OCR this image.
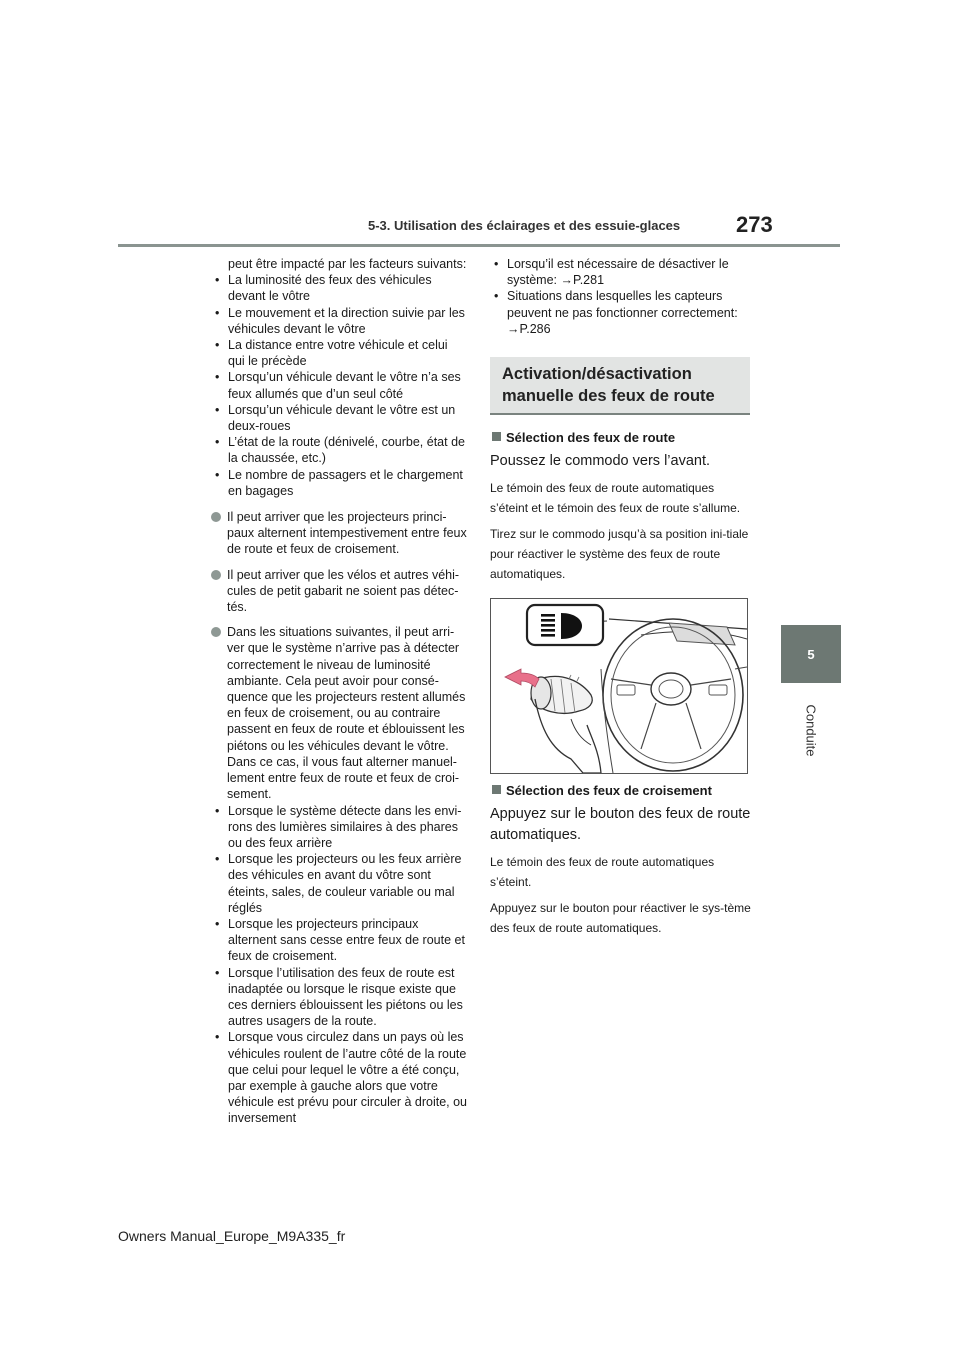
5-3. Utilisation des éclairages et des essuie-glaces	273
5
Conduite

peut être impacté par les facteurs suivants:

• La luminosité des feux des véhicules devant le vôtre
• Le mouvement et la direction suivie par les véhicules devant le vôtre
• La distance entre votre véhicule et celui qui le précède
• Lorsqu’un véhicule devant le vôtre n’a ses feux allumés que d’un seul côté
• Lorsqu’un véhicule devant le vôtre est un deux-roues
• L’état de la route (dénivelé, courbe, état de la chaussée, etc.)
• Le nombre de passagers et le chargement en bagages
Il peut arriver que les projecteurs princi-paux alternent intempestivement entre feux de route et feux de croisement.
Il peut arriver que les vélos et autres véhi-cules de petit gabarit ne soient pas détec-tés.
Dans les situations suivantes, il peut arri-ver que le système n’arrive pas à détecter correctement le niveau de luminosité ambiante. Cela peut avoir pour consé-quence que les projecteurs restent allumés en feux de croisement, ou au contraire passent en feux de route et éblouissent les piétons ou les véhicules devant le vôtre. Dans ce cas, il vous faut alterner manuel-lement entre feux de route et feux de croi-sement.
• Lorsque le système détecte dans les envi-rons des lumières similaires à des phares ou des feux arrière
• Lorsque les projecteurs ou les feux arrière des véhicules en avant du vôtre sont éteints, sales, de couleur variable ou mal réglés
• Lorsque les projecteurs principaux alternent sans cesse entre feux de route et feux de croisement.
• Lorsque l’utilisation des feux de route est inadaptée ou lorsque le risque existe que ces derniers éblouissent les piétons ou les autres usagers de la route.
• Lorsque vous circulez dans un pays où les véhicules roulent de l’autre côté de la route que celui pour lequel le vôtre a été conçu, par exemple à gauche alors que votre véhicule est prévu pour circuler à droite, ou inversement
• Lorsqu’il est nécessaire de désactiver le système: →P.281
• Situations dans lesquelles les capteurs peuvent ne pas fonctionner correctement: →P.286
Activation/désactivation
manuelle des feux de route
Sélection des feux de route
Poussez le commodo vers l’avant.
Le témoin des feux de route automatiques s’éteint et le témoin des feux de route s’allume.
Tirez sur le commodo jusqu’à sa position ini-tiale pour réactiver le système des feux de route automatiques.
Sélection des feux de croisement
Appuyez sur le bouton des feux de route automatiques.
Le témoin des feux de route automatiques s’éteint.
Appuyez sur le bouton pour réactiver le sys-tème des feux de route automatiques.
Owners Manual_Europe_M9A335_fr
